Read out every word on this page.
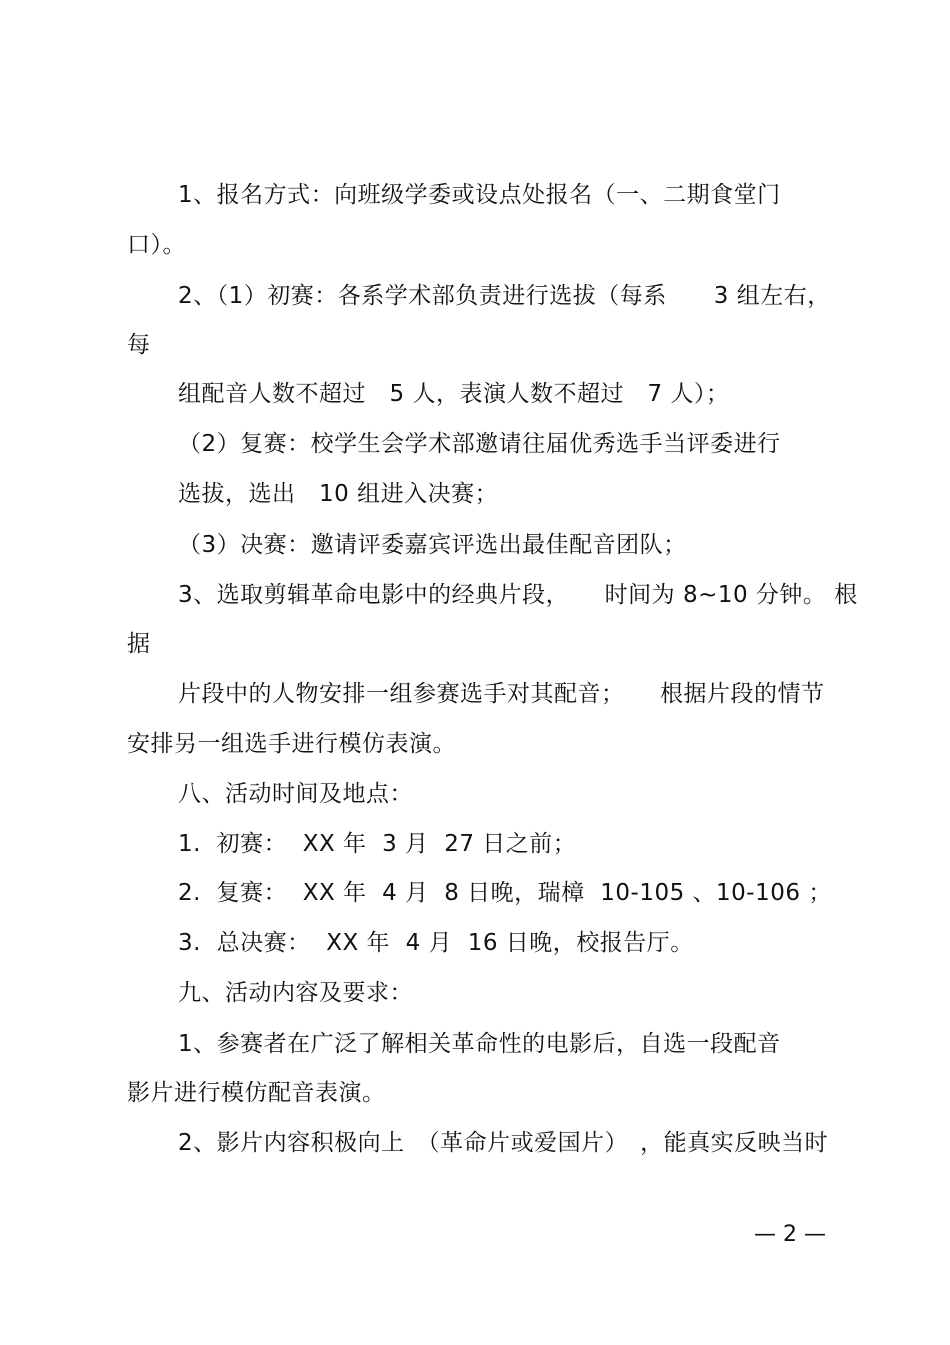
1、报名方式：向班级学委或设点处报名（一、二期食堂门
口）。
2、（1）初赛：各系学术部负责进行选拔（每系　　3 组左右，
每
组配音人数不超过　5 人，表演人数不超过　7 人）；
（2）复赛：校学生会学术部邀请往届优秀选手当评委进行
选拔，选出　10 组进入决赛；
（3）决赛：邀请评委嘉宾评选出最佳配音团队；
3、选取剪辑革命电影中的经典片段，　　时间为 8~10 分钟。 根
据
片段中的人物安排一组参赛选手对其配音；　　根据片段的情节
安排另一组选手进行模仿表演。
八、活动时间及地点：
1.  初赛：  XX 年  3 月  27 日之前；
2.  复赛：  XX 年  4 月  8 日晚，瑞樟  10-105 、10-106 ；
3.  总决赛：  XX 年  4 月  16 日晚，校报告厅。
九、活动内容及要求：
1、参赛者在广泛了解相关革命性的电影后，自选一段配音
影片进行模仿配音表演。
2、影片内容积极向上　（革命片或爱国片）　，能真实反映当时
— 2 —
